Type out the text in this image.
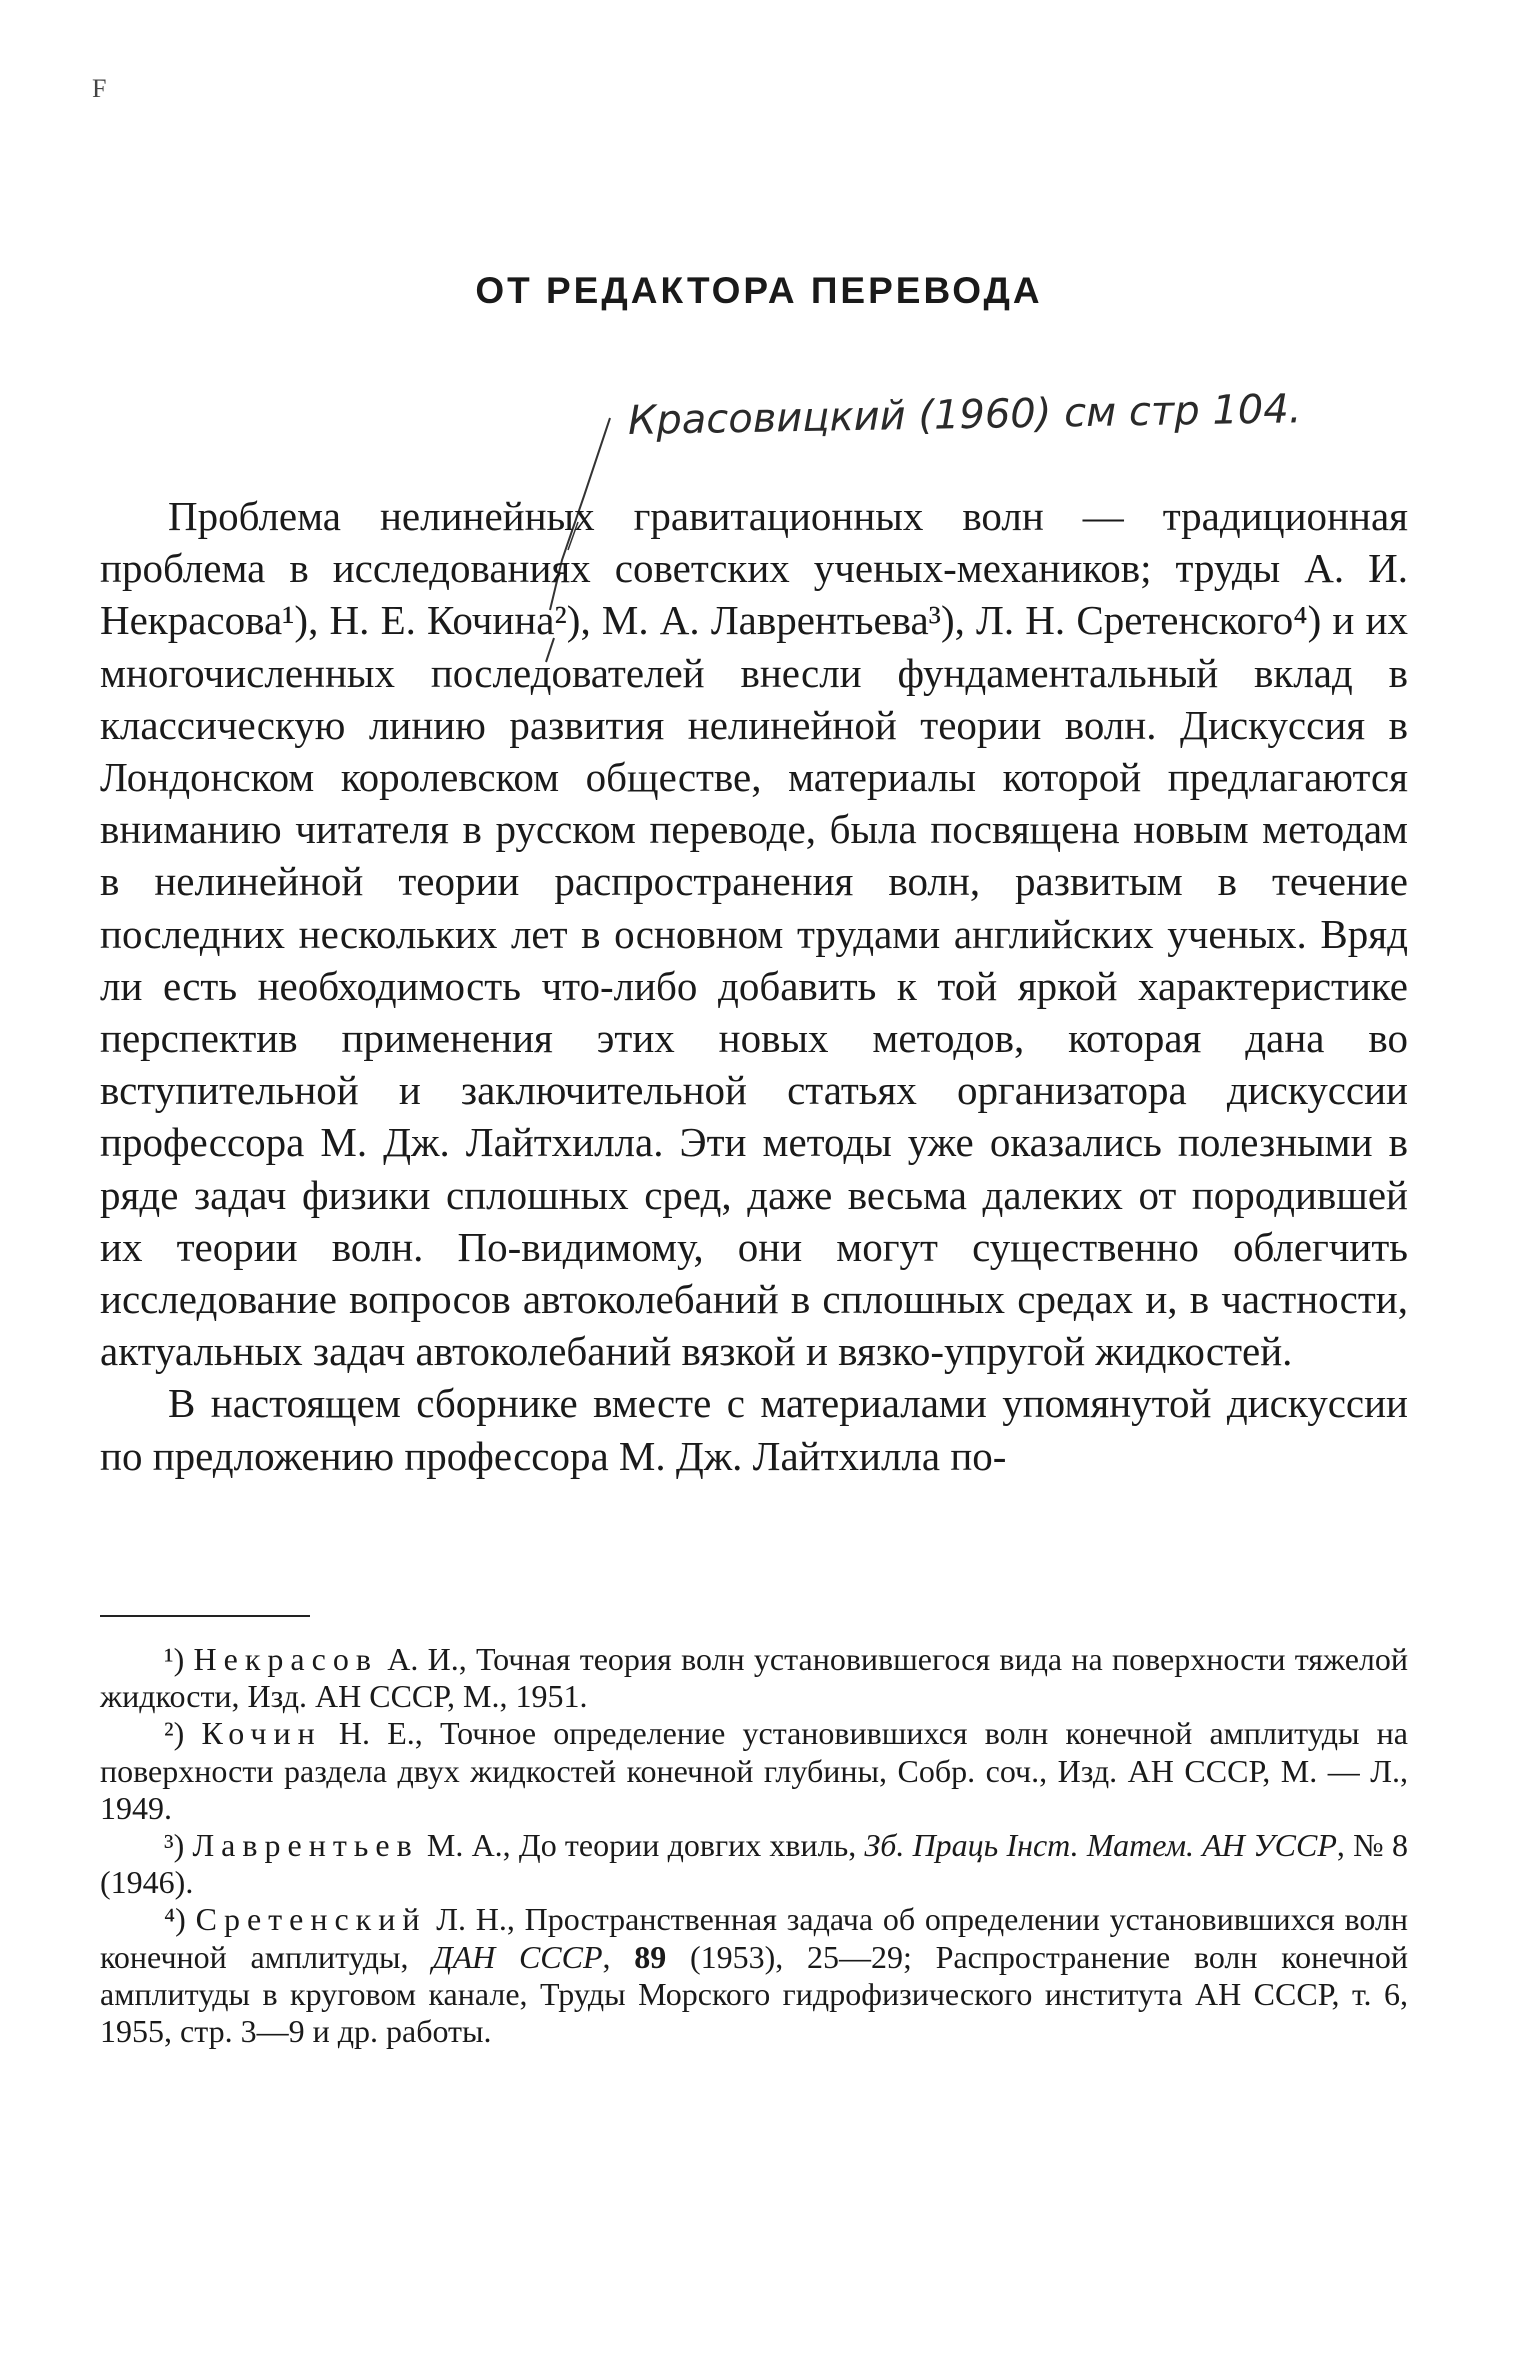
F
ОТ РЕДАКТОРА ПЕРЕВОДА
Красовицкий (1960) см стр 104.

Проблема нелинейных гравитационных волн — традиционная проблема в исследованиях советских ученых-механиков; труды А. И. Некрасова¹), Н. Е. Кочина²), М. А. Лаврентьева³), Л. Н. Сретенского⁴) и их многочисленных последователей внесли фундаментальный вклад в классическую линию развития нелинейной теории волн. Дискуссия в Лондонском королевском обществе, материалы которой предлагаются вниманию читателя в русском переводе, была посвящена новым методам в нелинейной теории распространения волн, развитым в течение последних нескольких лет в основном трудами английских ученых. Вряд ли есть необходимость что-либо добавить к той яркой характеристике перспектив применения этих новых методов, которая дана во вступительной и заключительной статьях организатора дискуссии профессора М. Дж. Лайтхилла. Эти методы уже оказались полезными в ряде задач физики сплошных сред, даже весьма далеких от породившей их теории волн. По-видимому, они могут существенно облегчить исследование вопросов автоколебаний в сплошных средах и, в частности, актуальных задач автоколебаний вязкой и вязко-упругой жидкостей.

В настоящем сборнике вместе с материалами упомянутой дискуссии по предложению профессора М. Дж. Лайтхилла по-

¹) Некрасов А. И., Точная теория волн установившегося вида на поверхности тяжелой жидкости, Изд. АН СССР, М., 1951.

²) Кочин Н. Е., Точное определение установившихся волн конечной амплитуды на поверхности раздела двух жидкостей конечной глубины, Собр. соч., Изд. АН СССР, М. — Л., 1949.

³) Лаврентьев М. А., До теории довгих хвиль, Зб. Праць Інст. Матем. АН УССР, № 8 (1946).

⁴) Сретенский Л. Н., Пространственная задача об определении установившихся волн конечной амплитуды, ДАН СССР, 89 (1953), 25—29; Распространение волн конечной амплитуды в круговом канале, Труды Морского гидрофизического института АН СССР, т. 6, 1955, стр. 3—9 и др. работы.
